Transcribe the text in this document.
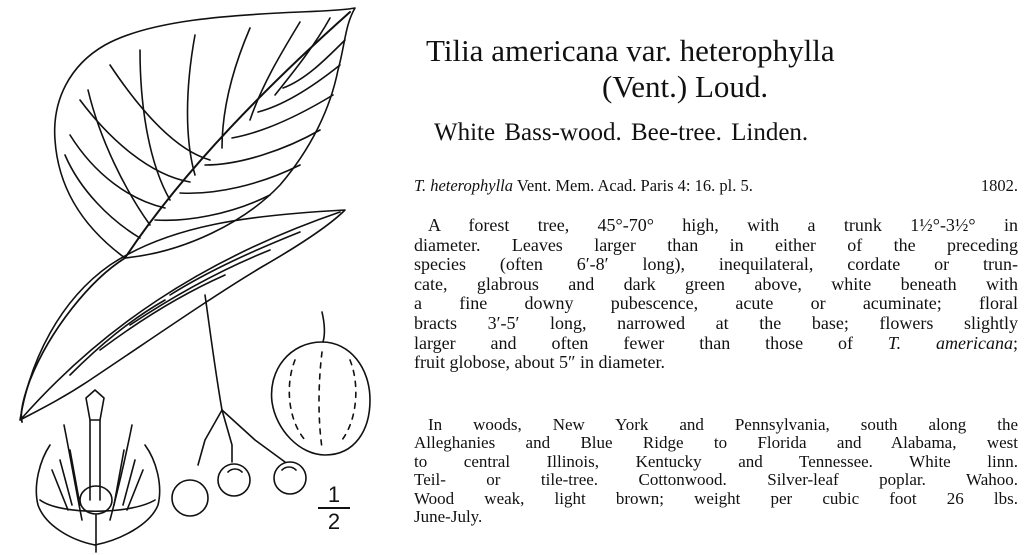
$\frac{1}{2}$
Tilia americana var. heterophylla
(Vent.) Loud.
White Bass-wood. Bee-tree. Linden.
T. heterophylla Vent. Mem. Acad. Paris 4: 16. pl. 5.	1802.
A forest tree, 45°-70° high, with a trunk 1½°-3½° in
diameter. Leaves larger than in either of the preceding
species (often 6′-8′ long), inequilateral, cordate or trun-
cate, glabrous and dark green above, white beneath with
a fine downy pubescence, acute or acuminate; floral
bracts 3′-5′ long, narrowed at the base; flowers slightly
larger and often fewer than those of T. americana;
fruit globose, about 5″ in diameter.
In woods, New York and Pennsylvania, south along the
Alleghanies and Blue Ridge to Florida and Alabama, west
to central Illinois, Kentucky and Tennessee. White linn.
Teil- or tile-tree. Cottonwood. Silver-leaf poplar. Wahoo.
Wood weak, light brown; weight per cubic foot 26 lbs.
June-July.
